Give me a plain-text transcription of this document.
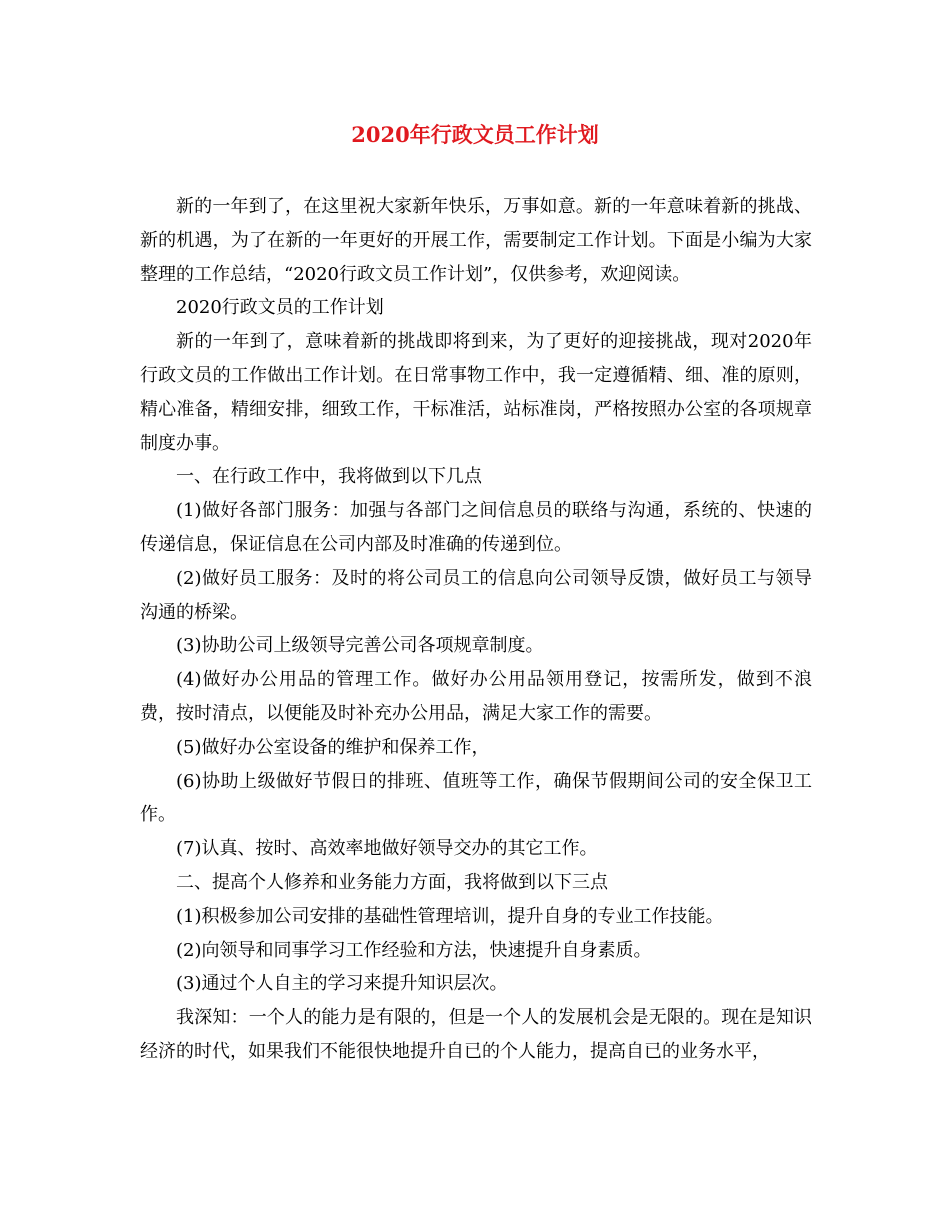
2020年行政文员工作计划

新的一年到了，在这里祝大家新年快乐，万事如意。新的一年意味着新的挑战、新的机遇，为了在新的一年更好的开展工作，需要制定工作计划。下面是小编为大家整理的工作总结，“2020行政文员工作计划”，仅供参考，欢迎阅读。

2020行政文员的工作计划

新的一年到了，意味着新的挑战即将到来，为了更好的迎接挑战，现对2020年行政文员的工作做出工作计划。在日常事物工作中，我一定遵循精、细、准的原则，精心准备，精细安排，细致工作，干标准活，站标准岗，严格按照办公室的各项规章制度办事。

一、在行政工作中，我将做到以下几点

(1)做好各部门服务：加强与各部门之间信息员的联络与沟通，系统的、快速的传递信息，保证信息在公司内部及时准确的传递到位。

(2)做好员工服务：及时的将公司员工的信息向公司领导反馈，做好员工与领导沟通的桥梁。

(3)协助公司上级领导完善公司各项规章制度。

(4)做好办公用品的管理工作。做好办公用品领用登记，按需所发，做到不浪费，按时清点，以便能及时补充办公用品，满足大家工作的需要。

(5)做好办公室设备的维护和保养工作，

(6)协助上级做好节假日的排班、值班等工作，确保节假期间公司的安全保卫工作。

(7)认真、按时、高效率地做好领导交办的其它工作。

二、提高个人修养和业务能力方面，我将做到以下三点

(1)积极参加公司安排的基础性管理培训，提升自身的专业工作技能。

(2)向领导和同事学习工作经验和方法，快速提升自身素质。

(3)通过个人自主的学习来提升知识层次。

我深知：一个人的能力是有限的，但是一个人的发展机会是无限的。现在是知识经济的时代，如果我们不能很快地提升自已的个人能力，提高自已的业务水平，
